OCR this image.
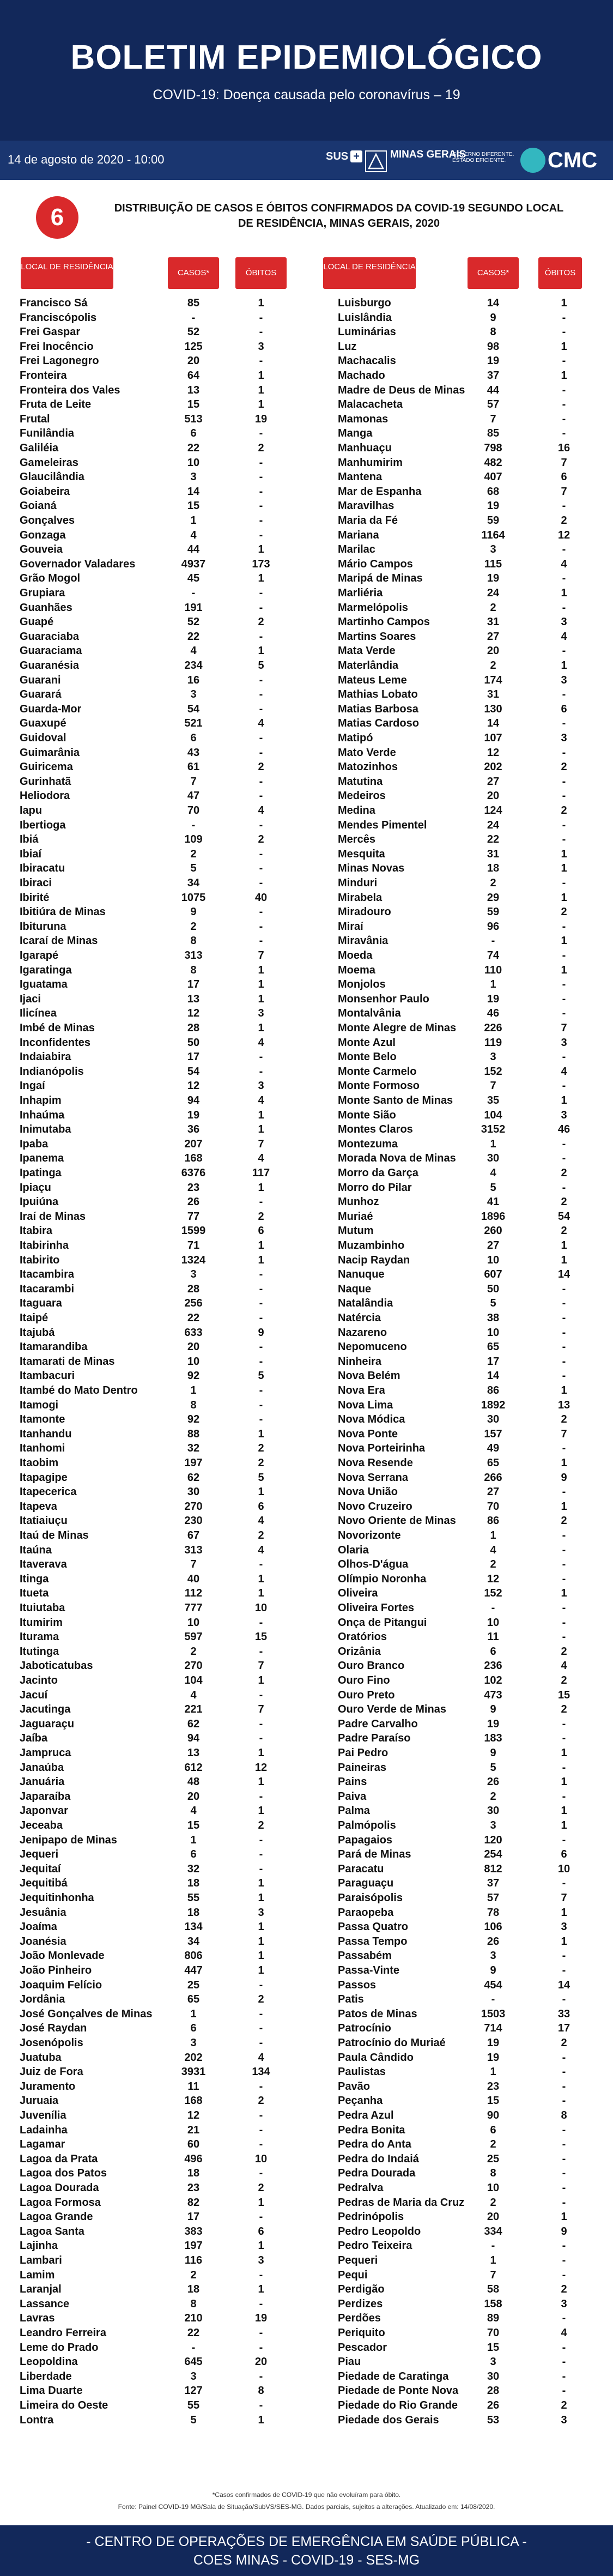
BOLETIM EPIDEMIOLÓGICO
COVID-19: Doença causada pelo coronavírus – 19
14 de agosto de 2020 - 10:00	SUS +	MINAS GERAIS
GOVERNO DIFERENTE. ESTADO EFICIENTE.	CMC
6	DISTRIBUIÇÃO DE CASOS E ÓBITOS CONFIRMADOS DA COVID-19 SEGUNDO LOCAL
DE RESIDÊNCIA, MINAS GERAIS, 2020
LOCAL DE RESIDÊNCIA
CASOS*	ÓBITOS
LOCAL DE RESIDÊNCIA
CASOS*	ÓBITOS
Francisco Sá	85	1
Franciscópolis	-	-
Frei Gaspar	52	-
Frei Inocêncio	125	3
Frei Lagonegro	20	-
Fronteira	64	1
Fronteira dos Vales	13	1
Fruta de Leite	15	1
Frutal	513	19
Funilândia	6	-
Galiléia	22	2
Gameleiras	10	-
Glaucilândia	3	-
Goiabeira	14	-
Goianá	15	-
Gonçalves	1	-
Gonzaga	4	-
Gouveia	44	1
Governador Valadares	4937	173
Grão Mogol	45	1
Grupiara	-	-
Guanhães	191	-
Guapé	52	2
Guaraciaba	22	-
Guaraciama	4	1
Guaranésia	234	5
Guarani	16	-
Guarará	3	-
Guarda-Mor	54	-
Guaxupé	521	4
Guidoval	6	-
Guimarânia	43	-
Guiricema	61	2
Gurinhatã	7	-
Heliodora	47	-
Iapu	70	4
Ibertioga	-	-
Ibiá	109	2
Ibiaí	2	-
Ibiracatu	5	-
Ibiraci	34	-
Ibirité	1075	40
Ibitiúra de Minas	9	-
Ibituruna	2	-
Icaraí de Minas	8	-
Igarapé	313	7
Igaratinga	8	1
Iguatama	17	1
Ijaci	13	1
Ilicínea	12	3
Imbé de Minas	28	1
Inconfidentes	50	4
Indaiabira	17	-
Indianópolis	54	-
Ingaí	12	3
Inhapim	94	4
Inhaúma	19	1
Inimutaba	36	1
Ipaba	207	7
Ipanema	168	4
Ipatinga	6376	117
Ipiaçu	23	1
Ipuiúna	26	-
Iraí de Minas	77	2
Itabira	1599	6
Itabirinha	71	1
Itabirito	1324	1
Itacambira	3	-
Itacarambi	28	-
Itaguara	256	-
Itaipé	22	-
Itajubá	633	9
Itamarandiba	20	-
Itamarati de Minas	10	-
Itambacuri	92	5
Itambé do Mato Dentro	1	-
Itamogi	8	-
Itamonte	92	-
Itanhandu	88	1
Itanhomi	32	2
Itaobim	197	2
Itapagipe	62	5
Itapecerica	30	1
Itapeva	270	6
Itatiaiuçu	230	4
Itaú de Minas	67	2
Itaúna	313	4
Itaverava	7	-
Itinga	40	1
Itueta	112	1
Ituiutaba	777	10
Itumirim	10	-
Iturama	597	15
Itutinga	2	-
Jaboticatubas	270	7
Jacinto	104	1
Jacuí	4	-
Jacutinga	221	7
Jaguaraçu	62	-
Jaíba	94	-
Jampruca	13	1
Janaúba	612	12
Januária	48	1
Japaraíba	20	-
Japonvar	4	1
Jeceaba	15	2
Jenipapo de Minas	1	-
Jequeri	6	-
Jequitaí	32	-
Jequitibá	18	1
Jequitinhonha	55	1
Jesuânia	18	3
Joaíma	134	1
Joanésia	34	1
João Monlevade	806	1
João Pinheiro	447	1
Joaquim Felício	25	-
Jordânia	65	2
José Gonçalves de Minas	1	-
José Raydan	6	-
Josenópolis	3	-
Juatuba	202	4
Juiz de Fora	3931	134
Juramento	11	-
Juruaia	168	2
Juvenília	12	-
Ladainha	21	-
Lagamar	60	-
Lagoa da Prata	496	10
Lagoa dos Patos	18	-
Lagoa Dourada	23	2
Lagoa Formosa	82	1
Lagoa Grande	17	-
Lagoa Santa	383	6
Lajinha	197	1
Lambari	116	3
Lamim	2	-
Laranjal	18	1
Lassance	8	-
Lavras	210	19
Leandro Ferreira	22	-
Leme do Prado	-	-
Leopoldina	645	20
Liberdade	3	-
Lima Duarte	127	8
Limeira do Oeste	55	-
Lontra	5	1
Luisburgo	14	1
Luislândia	9	-
Luminárias	8	-
Luz	98	1
Machacalis	19	-
Machado	37	1
Madre de Deus de Minas	44	-
Malacacheta	57	-
Mamonas	7	-
Manga	85	-
Manhuaçu	798	16
Manhumirim	482	7
Mantena	407	6
Mar de Espanha	68	7
Maravilhas	19	-
Maria da Fé	59	2
Mariana	1164	12
Marilac	3	-
Mário Campos	115	4
Maripá de Minas	19	-
Marliéria	24	1
Marmelópolis	2	-
Martinho Campos	31	3
Martins Soares	27	4
Mata Verde	20	-
Materlândia	2	1
Mateus Leme	174	3
Mathias Lobato	31	-
Matias Barbosa	130	6
Matias Cardoso	14	-
Matipó	107	3
Mato Verde	12	-
Matozinhos	202	2
Matutina	27	-
Medeiros	20	-
Medina	124	2
Mendes Pimentel	24	-
Mercês	22	-
Mesquita	31	1
Minas Novas	18	1
Minduri	2	-
Mirabela	29	1
Miradouro	59	2
Miraí	96	-
Miravânia	-	1
Moeda	74	-
Moema	110	1
Monjolos	1	-
Monsenhor Paulo	19	-
Montalvânia	46	-
Monte Alegre de Minas	226	7
Monte Azul	119	3
Monte Belo	3	-
Monte Carmelo	152	4
Monte Formoso	7	-
Monte Santo de Minas	35	1
Monte Sião	104	3
Montes Claros	3152	46
Montezuma	1	-
Morada Nova de Minas	30	-
Morro da Garça	4	2
Morro do Pilar	5	-
Munhoz	41	2
Muriaé	1896	54
Mutum	260	2
Muzambinho	27	1
Nacip Raydan	10	1
Nanuque	607	14
Naque	50	-
Natalândia	5	-
Natércia	38	-
Nazareno	10	-
Nepomuceno	65	-
Ninheira	17	-
Nova Belém	14	-
Nova Era	86	1
Nova Lima	1892	13
Nova Módica	30	2
Nova Ponte	157	7
Nova Porteirinha	49	-
Nova Resende	65	1
Nova Serrana	266	9
Nova União	27	-
Novo Cruzeiro	70	1
Novo Oriente de Minas	86	2
Novorizonte	1	-
Olaria	4	-
Olhos-D'água	2	-
Olímpio Noronha	12	-
Oliveira	152	1
Oliveira Fortes	-	-
Onça de Pitangui	10	-
Oratórios	11	-
Orizânia	6	2
Ouro Branco	236	4
Ouro Fino	102	2
Ouro Preto	473	15
Ouro Verde de Minas	9	2
Padre Carvalho	19	-
Padre Paraíso	183	-
Pai Pedro	9	1
Paineiras	5	-
Pains	26	1
Paiva	2	-
Palma	30	1
Palmópolis	3	1
Papagaios	120	-
Pará de Minas	254	6
Paracatu	812	10
Paraguaçu	37	-
Paraisópolis	57	7
Paraopeba	78	1
Passa Quatro	106	3
Passa Tempo	26	1
Passabém	3	-
Passa-Vinte	9	-
Passos	454	14
Patis	-	-
Patos de Minas	1503	33
Patrocínio	714	17
Patrocínio do Muriaé	19	2
Paula Cândido	19	-
Paulistas	1	-
Pavão	23	-
Peçanha	15	-
Pedra Azul	90	8
Pedra Bonita	6	-
Pedra do Anta	2	-
Pedra do Indaiá	25	-
Pedra Dourada	8	-
Pedralva	10	-
Pedras de Maria da Cruz	2	-
Pedrinópolis	20	1
Pedro Leopoldo	334	9
Pedro Teixeira	-	-
Pequeri	1	-
Pequi	7	-
Perdigão	58	2
Perdizes	158	3
Perdões	89	-
Periquito	70	4
Pescador	15	-
Piau	3	-
Piedade de Caratinga	30	-
Piedade de Ponte Nova	28	-
Piedade do Rio Grande	26	2
Piedade dos Gerais	53	3
*Casos confirmados de COVID-19 que não evoluíram para óbito.
Fonte: Painel COVID-19 MG/Sala de Situação/SubVS/SES-MG. Dados parciais, sujeitos a alterações. Atualizado em: 14/08/2020.
- CENTRO DE OPERAÇÕES DE EMERGÊNCIA EM SAÚDE PÚBLICA -
COES MINAS - COVID-19 - SES-MG
